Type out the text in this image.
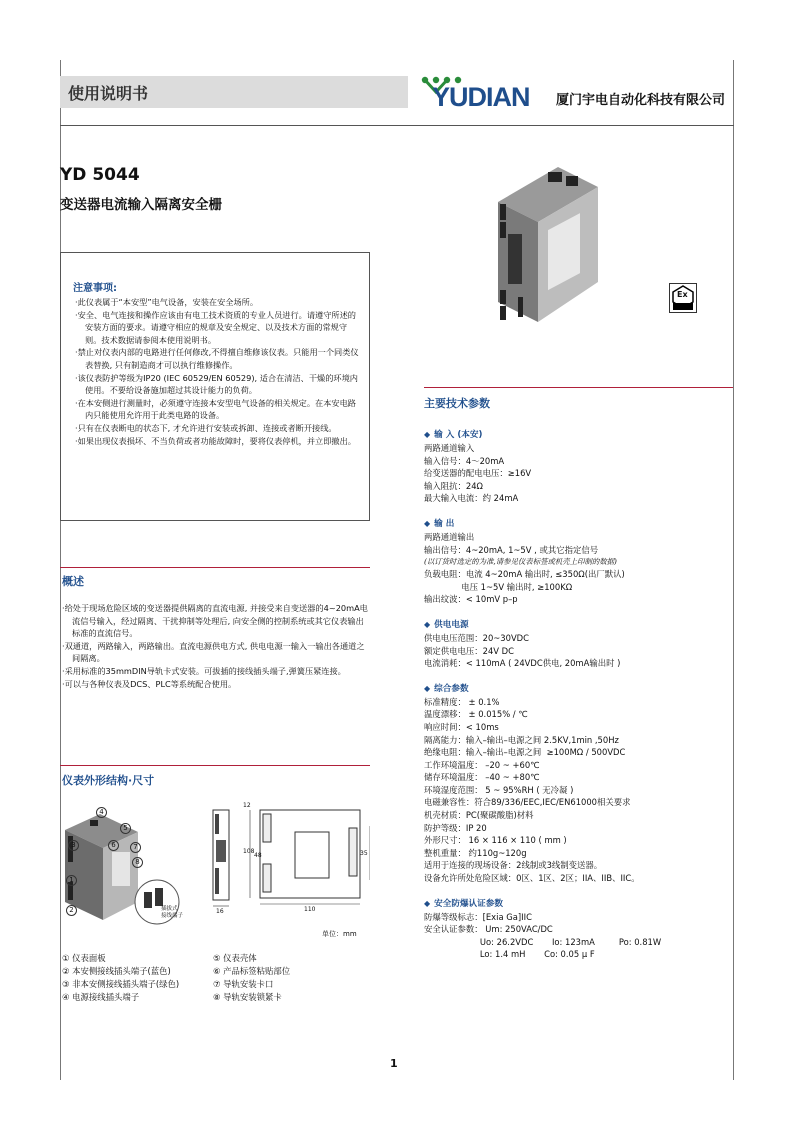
使用说明书	YUDIAN 厦门宇电自动化科技有限公司
YD 5044
变送器电流输入隔离安全栅
Ex
注意事项:
·此仪表属于“本安型”电气设备，安装在安全场所。
·安全、电气连接和操作应该由有电工技术资质的专业人员进行。请遵守所述的安装方面的要求。请遵守相应的规章及安全规定、以及技术方面的常规守则。技术数据请参阅本使用说明书。
·禁止对仪表内部的电路进行任何修改,不得擅自维修该仪表。只能用一个同类仪表替换, 只有制造商才可以执行维修操作。
·该仪表防护等级为IP20 (IEC 60529/EN 60529), 适合在清洁、干燥的环境内使用。不要给设备施加超过其设计能力的负荷。
·在本安侧进行测量时，必须遵守连接本安型电气设备的相关规定。在本安电路内只能使用允许用于此类电路的设备。
·只有在仪表断电的状态下, 才允许进行安装或拆卸、连接或者断开接线。
·如果出现仪表损坏、不当负荷或者功能故障时，要将仪表停机，并立即撤出。
概述
·给处于现场危险区域的变送器提供隔离的直流电源, 并接受来自变送器的4~20mA电流信号输入，经过隔离、干扰抑制等处理后, 向安全侧的控制系统或其它仪表输出标准的直流信号。
·双通道，两路输入，两路输出。直流电源供电方式, 供电电源一输入一输出各通道之间隔离。
·采用标准的35mmDIN导轨卡式安装。可拔插的接线插头端子,弹簧压紧连接。
·可以与各种仪表及DCS、PLC等系统配合使用。
仪表外形结构·尺寸
4
5
3	6	7
8
1
2	插拔式
接线端子
16	110
12
48
108	35
单位：mm
① 仪表面板
② 本安侧接线插头端子(蓝色)
③ 非本安侧接线插头端子(绿色)
④ 电源接线插头端子
⑤ 仪表壳体
⑥ 产品标签粘贴部位
⑦ 导轨安装卡口
⑧ 导轨安装锁紧卡
主要技术参数
◆ 输 入 (本安)
两路通道输入
输入信号：4～20mA
给变送器的配电电压：≥16V
输入阻抗：24Ω
最大输入电流：约 24mA
◆ 输 出
两路通道输出
输出信号：4~20mA, 1~5V , 或其它指定信号
(以订货时选定的为准,请参见仪表标签或机壳上印制的数据)
负载电阻：电流 4~20mA 输出时, ≤350Ω(出厂默认)
电压 1~5V 输出时, ≥100KΩ
输出纹波：< 10mV p–p
◆ 供电电源
供电电压范围：20~30VDC
额定供电电压：24V DC
电流消耗：< 110mA ( 24VDC供电, 20mA输出时 )
◆ 综合参数
标准精度： ± 0.1%
温度漂移： ± 0.015% / ℃
响应时间：< 10ms
隔离能力：输入–输出–电源之间 2.5KV,1min ,50Hz
绝缘电阻：输入–输出–电源之间  ≥100MΩ / 500VDC
工作环境温度： –20 ~ +60℃
储存环境温度： –40 ~ +80℃
环境湿度范围： 5 ~ 95%RH ( 无冷凝 )
电磁兼容性：符合89/336/EEC,IEC/EN61000相关要求
机壳材质：PC(聚碳酸脂)材料
防护等级：IP 20
外形尺寸： 16 × 116 × 110 ( mm )
整机重量： 约110g~120g
适用于连接的现场设备：2线制或3线制变送器。
设备允许所处危险区域：0区、1区、2区；IIA、IIB、IIC。
◆ 安全防爆认证参数
防爆等级标志：[Exia Ga]IIC
安全认证参数： Um: 250VAC/DC
Uo: 26.2VDC       Io: 123mA         Po: 0.81W
Lo: 1.4 mH       Co: 0.05 μ F
1
